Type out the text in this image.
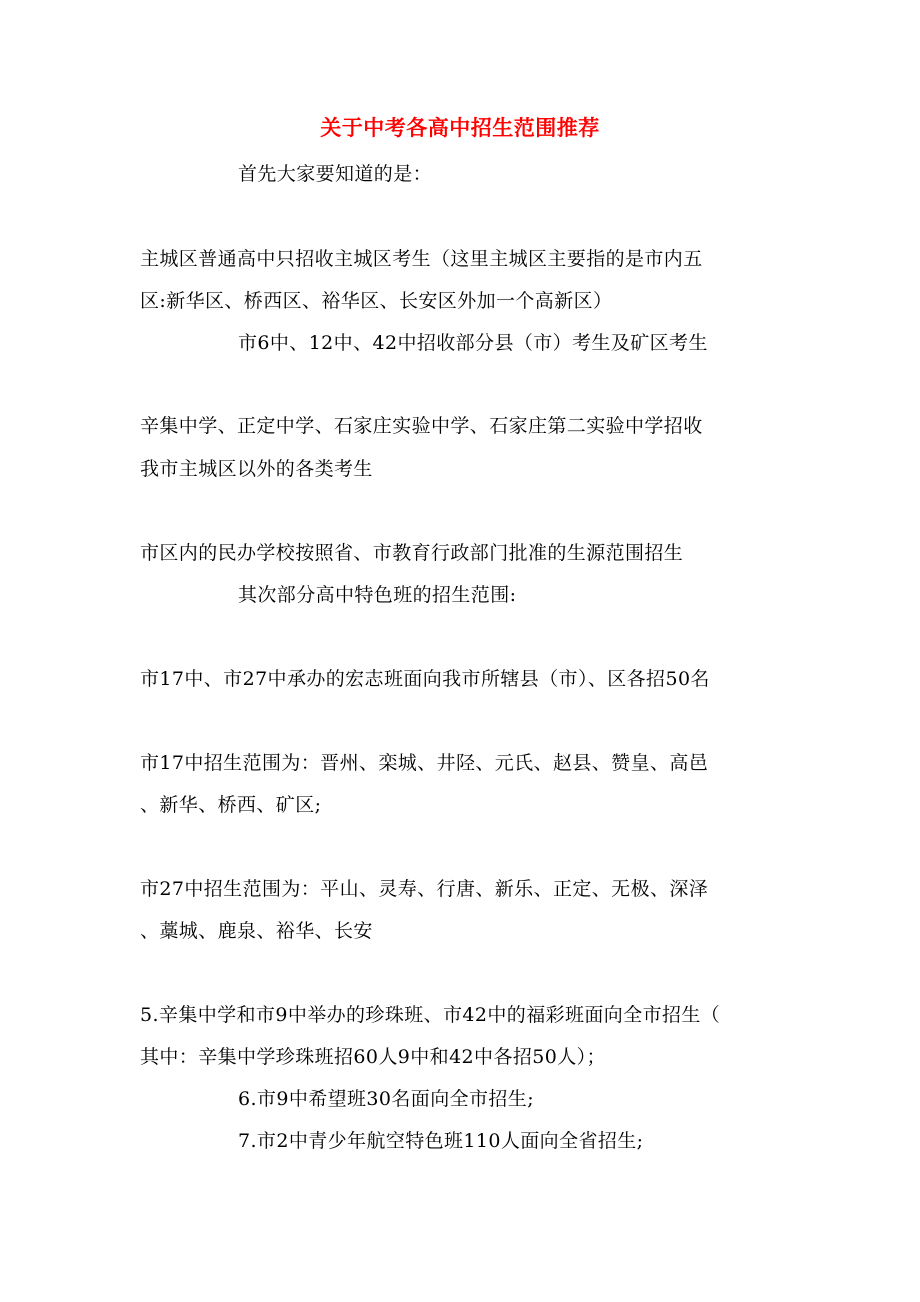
关于中考各高中招生范围推荐
首先大家要知道的是：
主城区普通高中只招收主城区考生（这里主城区主要指的是市内五
区:新华区、桥西区、裕华区、长安区外加一个高新区）
市6中、12中、42中招收部分县（市）考生及矿区考生
辛集中学、正定中学、石家庄实验中学、石家庄第二实验中学招收
我市主城区以外的各类考生
市区内的民办学校按照省、市教育行政部门批准的生源范围招生
其次部分高中特色班的招生范围:
市17中、市27中承办的宏志班面向我市所辖县（市）、区各招50名
市17中招生范围为：晋州、栾城、井陉、元氏、赵县、赞皇、高邑
、新华、桥西、矿区;
市27中招生范围为：平山、灵寿、行唐、新乐、正定、无极、深泽
、藁城、鹿泉、裕华、长安
5.辛集中学和市9中举办的珍珠班、市42中的福彩班面向全市招生（
其中：辛集中学珍珠班招60人9中和42中各招50人）；
6.市9中希望班30名面向全市招生;
7.市2中青少年航空特色班110人面向全省招生;
